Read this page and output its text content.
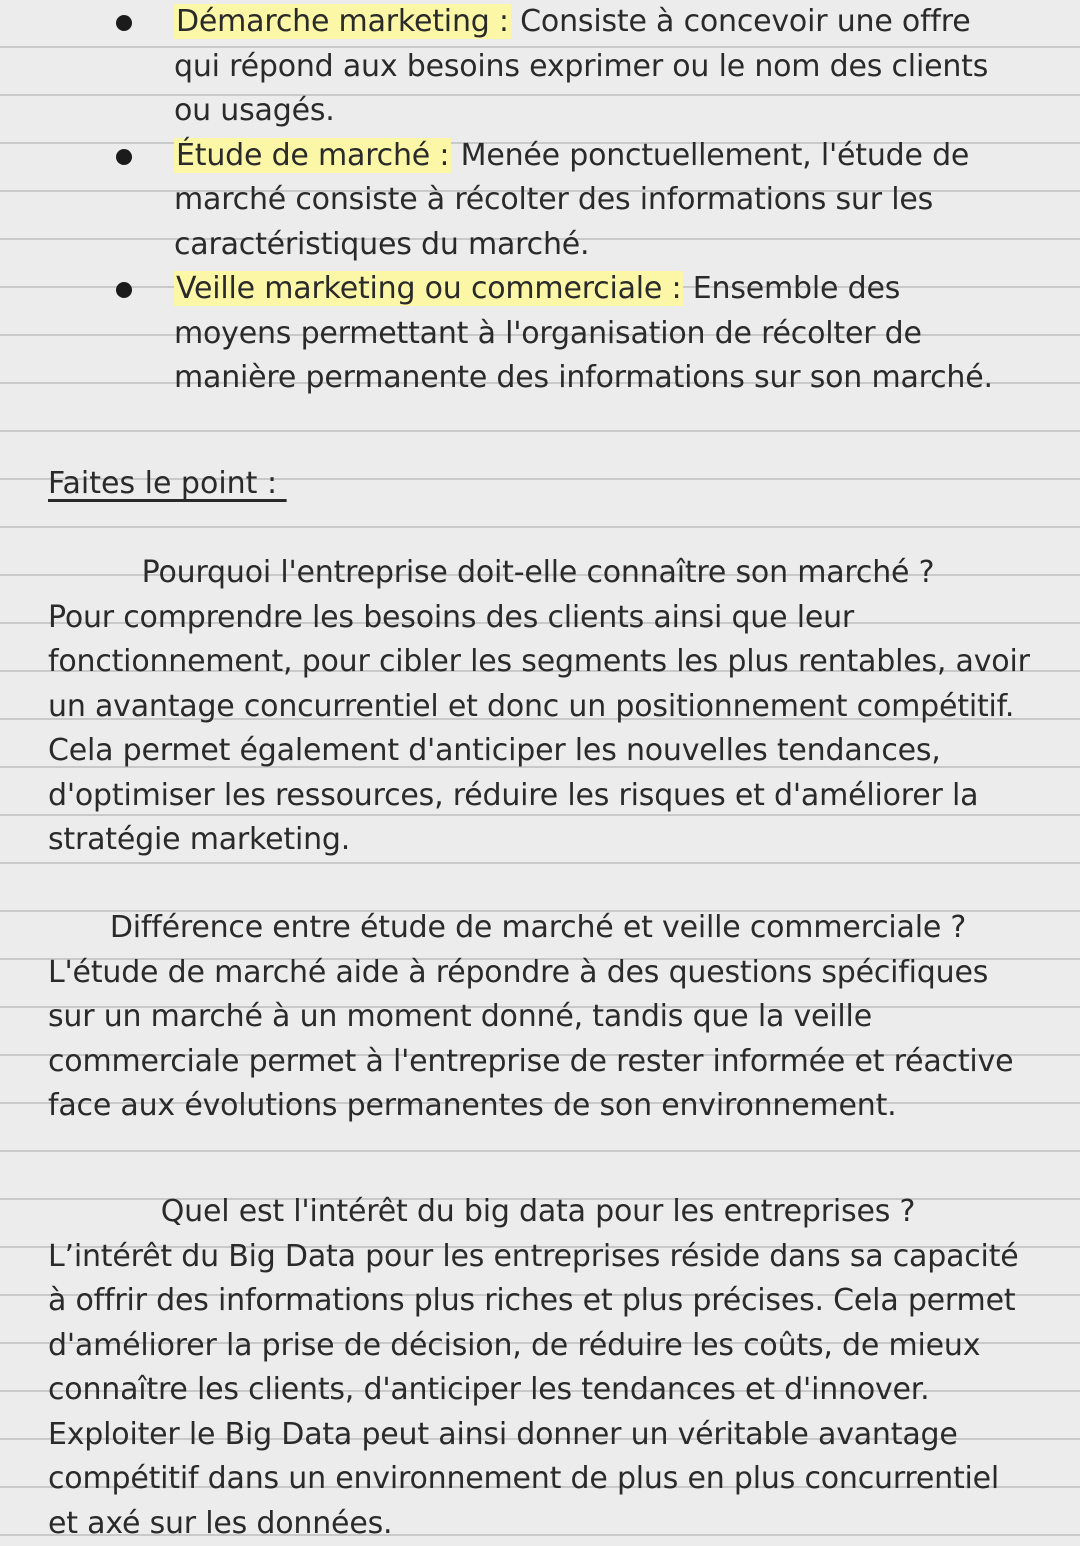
Démarche marketing : Consiste à concevoir une offre qui répond aux besoins exprimer ou le nom des clients ou usagés.
Étude de marché : Menée ponctuellement, l'étude de marché consiste à récolter des informations sur les caractéristiques du marché.
Veille marketing ou commerciale : Ensemble des moyens permettant à l'organisation de récolter de manière permanente des informations sur son marché.
Faites le point :
Pourquoi l'entreprise doit-elle connaître son marché ?
Pour comprendre les besoins des clients ainsi que leur fonctionnement, pour cibler les segments les plus rentables, avoir un avantage concurrentiel et donc un positionnement compétitif. Cela permet également d'anticiper les nouvelles tendances, d'optimiser les ressources, réduire les risques et d'améliorer la stratégie marketing.
Différence entre étude de marché et veille commerciale ?
L'étude de marché aide à répondre à des questions spécifiques sur un marché à un moment donné, tandis que la veille commerciale permet à l'entreprise de rester informée et réactive face aux évolutions permanentes de son environnement.
Quel est l'intérêt du big data pour les entreprises ?
L’intérêt du Big Data pour les entreprises réside dans sa capacité à offrir des informations plus riches et plus précises. Cela permet d'améliorer la prise de décision, de réduire les coûts, de mieux connaître les clients, d'anticiper les tendances et d'innover. Exploiter le Big Data peut ainsi donner un véritable avantage compétitif dans un environnement de plus en plus concurrentiel et axé sur les données.
